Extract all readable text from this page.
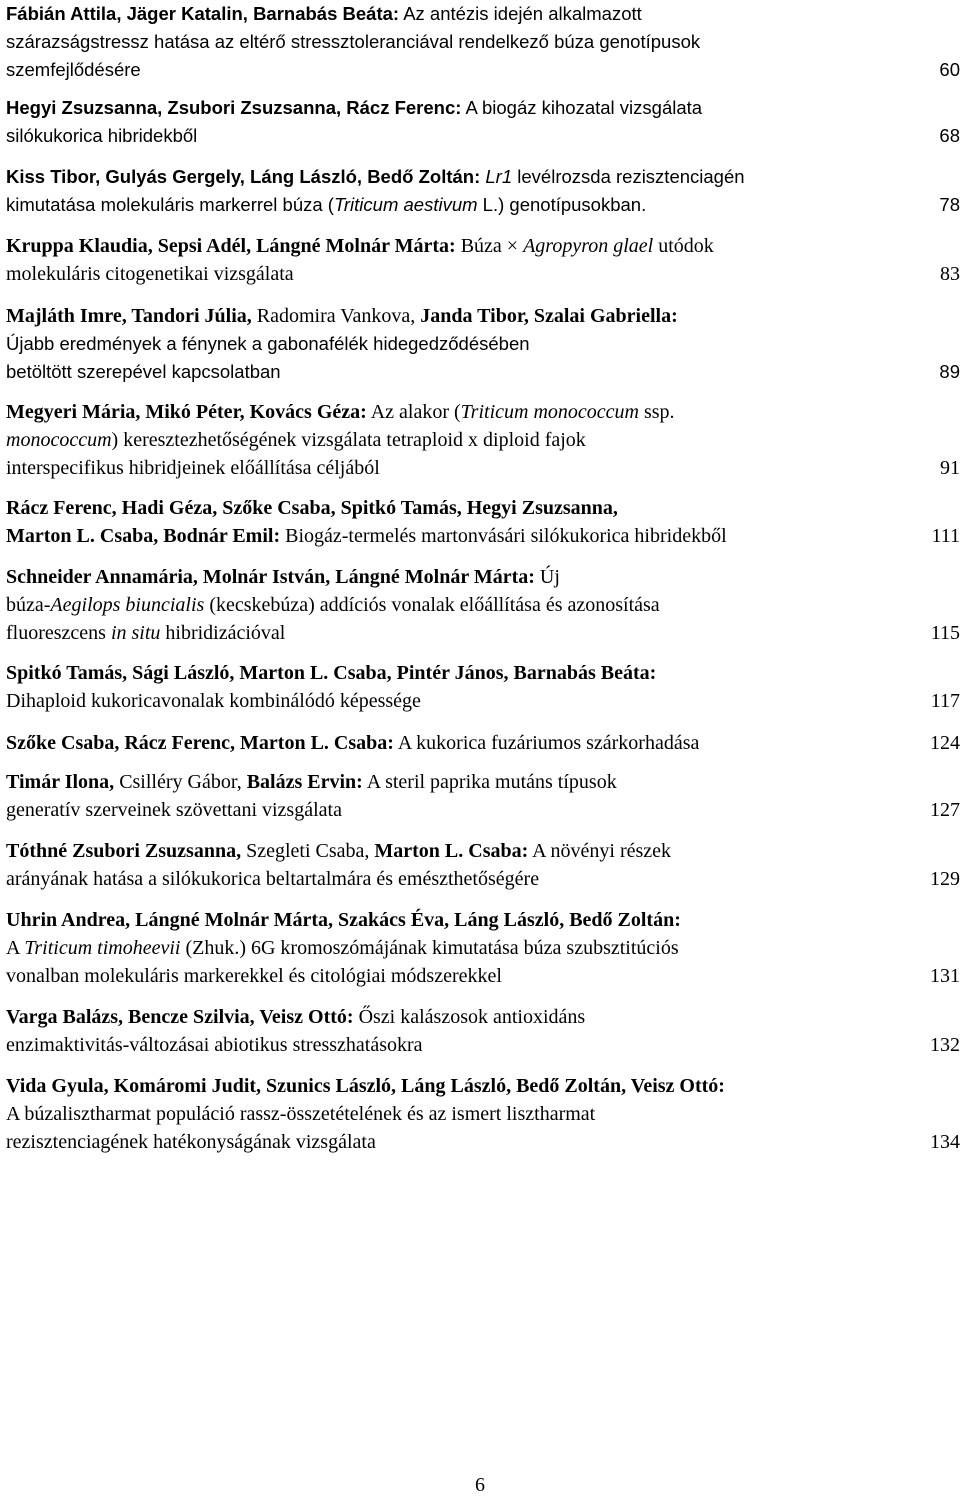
Fábián Attila, Jäger Katalin, Barnabás Beáta: Az antézis idején alkalmazott
szárazságstressz hatása az eltérő stressztoleranciával rendelkező búza genotípusok
szemfejlődésére	60
Hegyi Zsuzsanna, Zsubori Zsuzsanna, Rácz Ferenc: A biogáz kihozatal vizsgálata
silókukorica hibridekből	68
Kiss Tibor, Gulyás Gergely, Láng László, Bedő Zoltán: Lr1 levélrozsda rezisztenciagén
kimutatása molekuláris markerrel búza (Triticum aestivum L.) genotípusokban.	78
Kruppa Klaudia, Sepsi Adél, Lángné Molnár Márta: Búza × Agropyron glael utódok
molekuláris citogenetikai vizsgálata	83
Majláth Imre, Tandori Júlia, Radomira Vankova, Janda Tibor, Szalai Gabriella:
Újabb eredmények a fénynek a gabonafélék hidegedződésében
betöltött szerepével kapcsolatban	89
Megyeri Mária, Mikó Péter, Kovács Géza: Az alakor (Triticum monococcum ssp.
monococcum) keresztezhetőségének vizsgálata tetraploid x diploid fajok
interspecifikus hibridjeinek előállítása céljából	91
Rácz Ferenc, Hadi Géza, Szőke Csaba, Spitkó Tamás, Hegyi Zsuzsanna,
Marton L. Csaba, Bodnár Emil: Biogáz-termelés martonvásári silókukorica hibridekből	111
Schneider Annamária, Molnár István, Lángné Molnár Márta: Új
búza-Aegilops biuncialis (kecskebúza) addíciós vonalak előállítása és azonosítása
fluoreszcens in situ hibridizációval	115
Spitkó Tamás, Sági László, Marton L. Csaba, Pintér János, Barnabás Beáta:
Dihaploid kukoricavonalak kombinálódó képessége	117
Szőke Csaba, Rácz Ferenc, Marton L. Csaba: A kukorica fuzáriumos szárkorhadása	124
Timár Ilona, Csilléry Gábor, Balázs Ervin: A steril paprika mutáns típusok
generatív szerveinek szövettani vizsgálata	127
Tóthné Zsubori Zsuzsanna, Szegleti Csaba, Marton L. Csaba: A növényi részek
arányának hatása a silókukorica beltartalmára és emészthetőségére	129
Uhrin Andrea, Lángné Molnár Márta, Szakács Éva, Láng László, Bedő Zoltán:
A Triticum timoheevii (Zhuk.) 6G kromoszómájának kimutatása búza szubsztitúciós
vonalban molekuláris markerekkel és citológiai módszerekkel	131
Varga Balázs, Bencze Szilvia, Veisz Ottó: Őszi kalászosok antioxidáns
enzimaktivitás-változásai abiotikus stresszhatásokra	132
Vida Gyula, Komáromi Judit, Szunics László, Láng László, Bedő Zoltán, Veisz Ottó:
A búzalisztharmat populáció rassz-összetételének és az ismert lisztharmat
rezisztenciagének hatékonyságának vizsgálata	134
6
